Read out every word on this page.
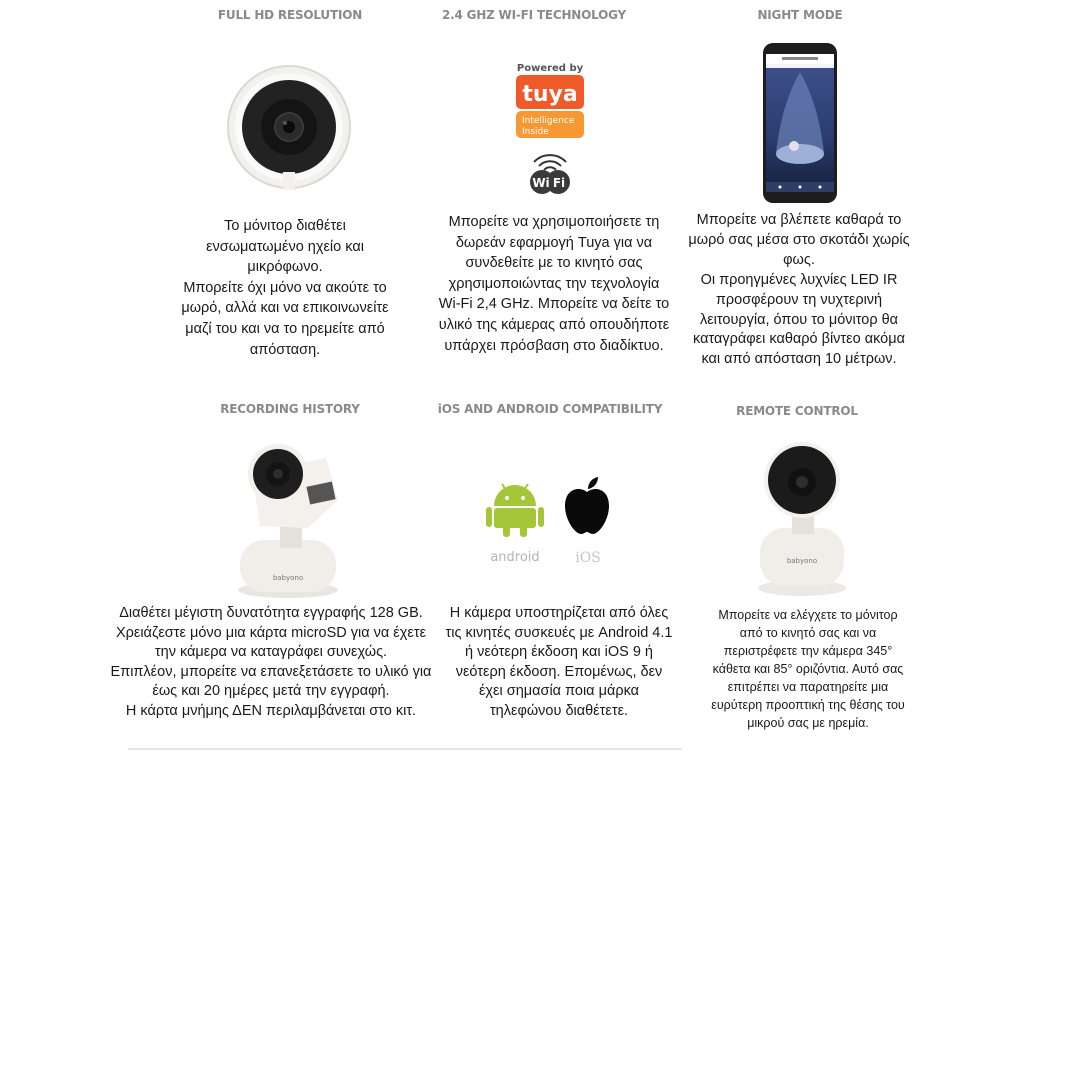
FULL HD RESOLUTION	2.4 GHZ WI-FI TECHNOLOGY	NIGHT MODE
Powered by
tuya
Intelligence
Inside
Wi Fi

Το μόνιτορ διαθέτει ενσωματωμένο ηχείο και μικρόφωνο.

Μπορείτε όχι μόνο να ακούτε το μωρό, αλλά και να επικοινωνείτε μαζί του και να το ηρεμείτε από απόσταση.

Μπορείτε να χρησιμοποιήσετε τη δωρεάν εφαρμογή Tuya για να συνδεθείτε με το κινητό σας χρησιμοποιώντας την τεχνολογία Wi-Fi 2,4 GHz. Μπορείτε να δείτε το υλικό της κάμερας από οπουδήποτε υπάρχει πρόσβαση στο διαδίκτυο.

Μπορείτε να βλέπετε καθαρά το μωρό σας μέσα στο σκοτάδι χωρίς φως.

Οι προηγμένες λυχνίες LED IR προσφέρουν τη νυχτερινή λειτουργία, όπου το μόνιτορ θα καταγράφει καθαρό βίντεο ακόμα και από απόσταση 10 μέτρων.

RECORDING HISTORY	iOS AND ANDROID COMPATIBILITY	REMOTE CONTROL
babyono
android	iOS	babyono

Διαθέτει μέγιστη δυνατότητα εγγραφής 128 GB.

Χρειάζεστε μόνο μια κάρτα microSD για να έχετε την κάμερα να καταγράφει συνεχώς.

Επιπλέον, μπορείτε να επανεξετάσετε το υλικό για έως και 20 ημέρες μετά την εγγραφή.

Η κάρτα μνήμης ΔΕΝ περιλαμβάνεται στο κιτ.

Η κάμερα υποστηρίζεται από όλες τις κινητές συσκευές με Android 4.1 ή νεότερη έκδοση και iOS 9 ή νεότερη έκδοση. Επομένως, δεν έχει σημασία ποια μάρκα τηλεφώνου διαθέτετε.

Μπορείτε να ελέγχετε το μόνιτορ από το κινητό σας και να περιστρέφετε την κάμερα 345° κάθετα και 85° οριζόντια. Αυτό σας επιτρέπει να παρατηρείτε μια ευρύτερη προοπτική της θέσης του μικρού σας με ηρεμία.
